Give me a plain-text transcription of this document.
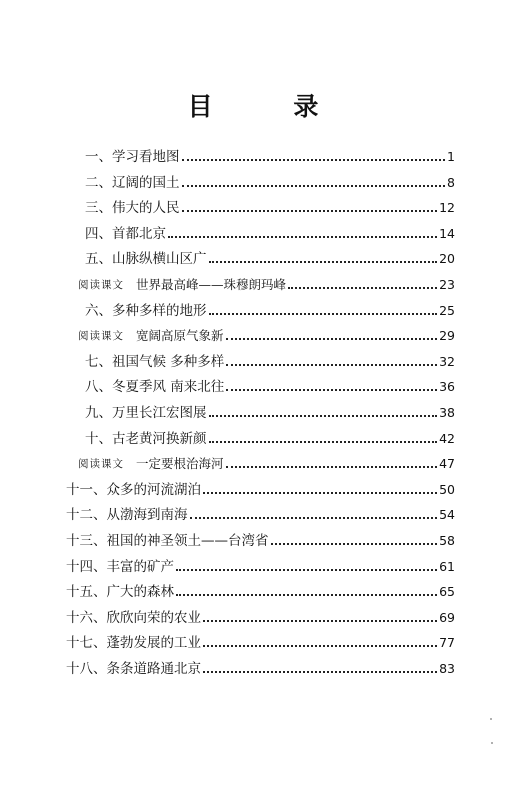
目 录
一、 学习看地图	1
二、 辽阔的国土	8
三、 伟大的人民	12
四、 首都北京	14
五、 山脉纵横山区广	20
阅读课文 世界最高峰——珠穆朗玛峰	23
六、 多种多样的地形	25
阅读课文 宽阔高原气象新	29
七、 祖国气候 多种多样	32
八、 冬夏季风 南来北往	36
九、 万里长江宏图展	38
十、 古老黄河换新颜	42
阅读课文 一定要根治海河	47
十一、 众多的河流湖泊	50
十二、 从渤海到南海	54
十三、 祖国的神圣领土——台湾省	58
十四、 丰富的矿产	61
十五、 广大的森林	65
十六、 欣欣向荣的农业	69
十七、 蓬勃发展的工业	77
十八、 条条道路通北京	83
